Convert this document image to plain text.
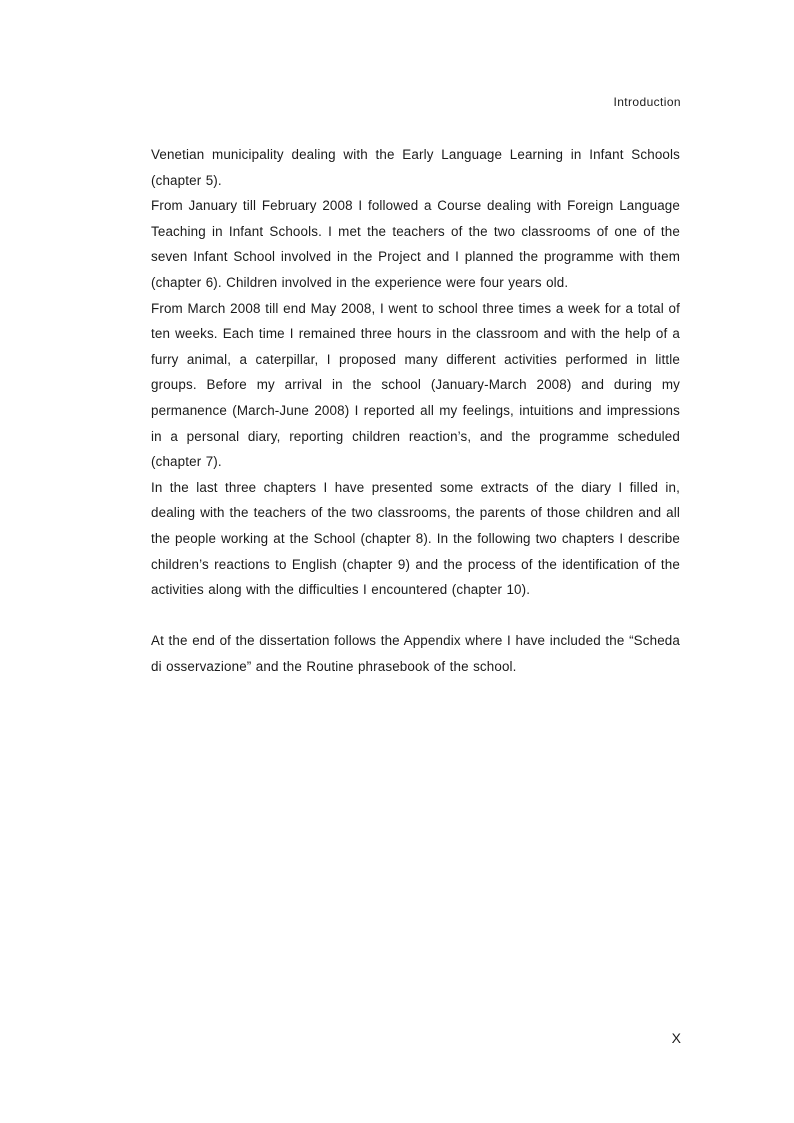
Introduction

Venetian municipality dealing with the Early Language Learning in Infant Schools (chapter 5).

From January till February 2008 I followed a Course dealing with Foreign Language Teaching in Infant Schools. I met the teachers of the two classrooms of one of the seven Infant School involved in the Project and I planned the programme with them (chapter 6). Children involved in the experience were four years old.

From March 2008 till end May 2008, I went to school three times a week for a total of ten weeks. Each time I remained three hours in the classroom and with the help of a furry animal, a caterpillar, I proposed many different activities performed in little groups. Before my arrival in the school (January-March 2008) and during my permanence (March-June 2008) I reported all my feelings, intuitions and impressions in a personal diary, reporting children reaction’s, and the programme scheduled (chapter 7).

In the last three chapters I have presented some extracts of the diary I filled in, dealing with the teachers of the two classrooms, the parents of those children and all the people working at the School (chapter 8). In the following two chapters I describe children’s reactions to English (chapter 9) and the process of the identification of the activities along with the difficulties I encountered (chapter 10).

At the end of the dissertation follows the Appendix where I have included the “Scheda di osservazione” and the Routine phrasebook of the school.

X
